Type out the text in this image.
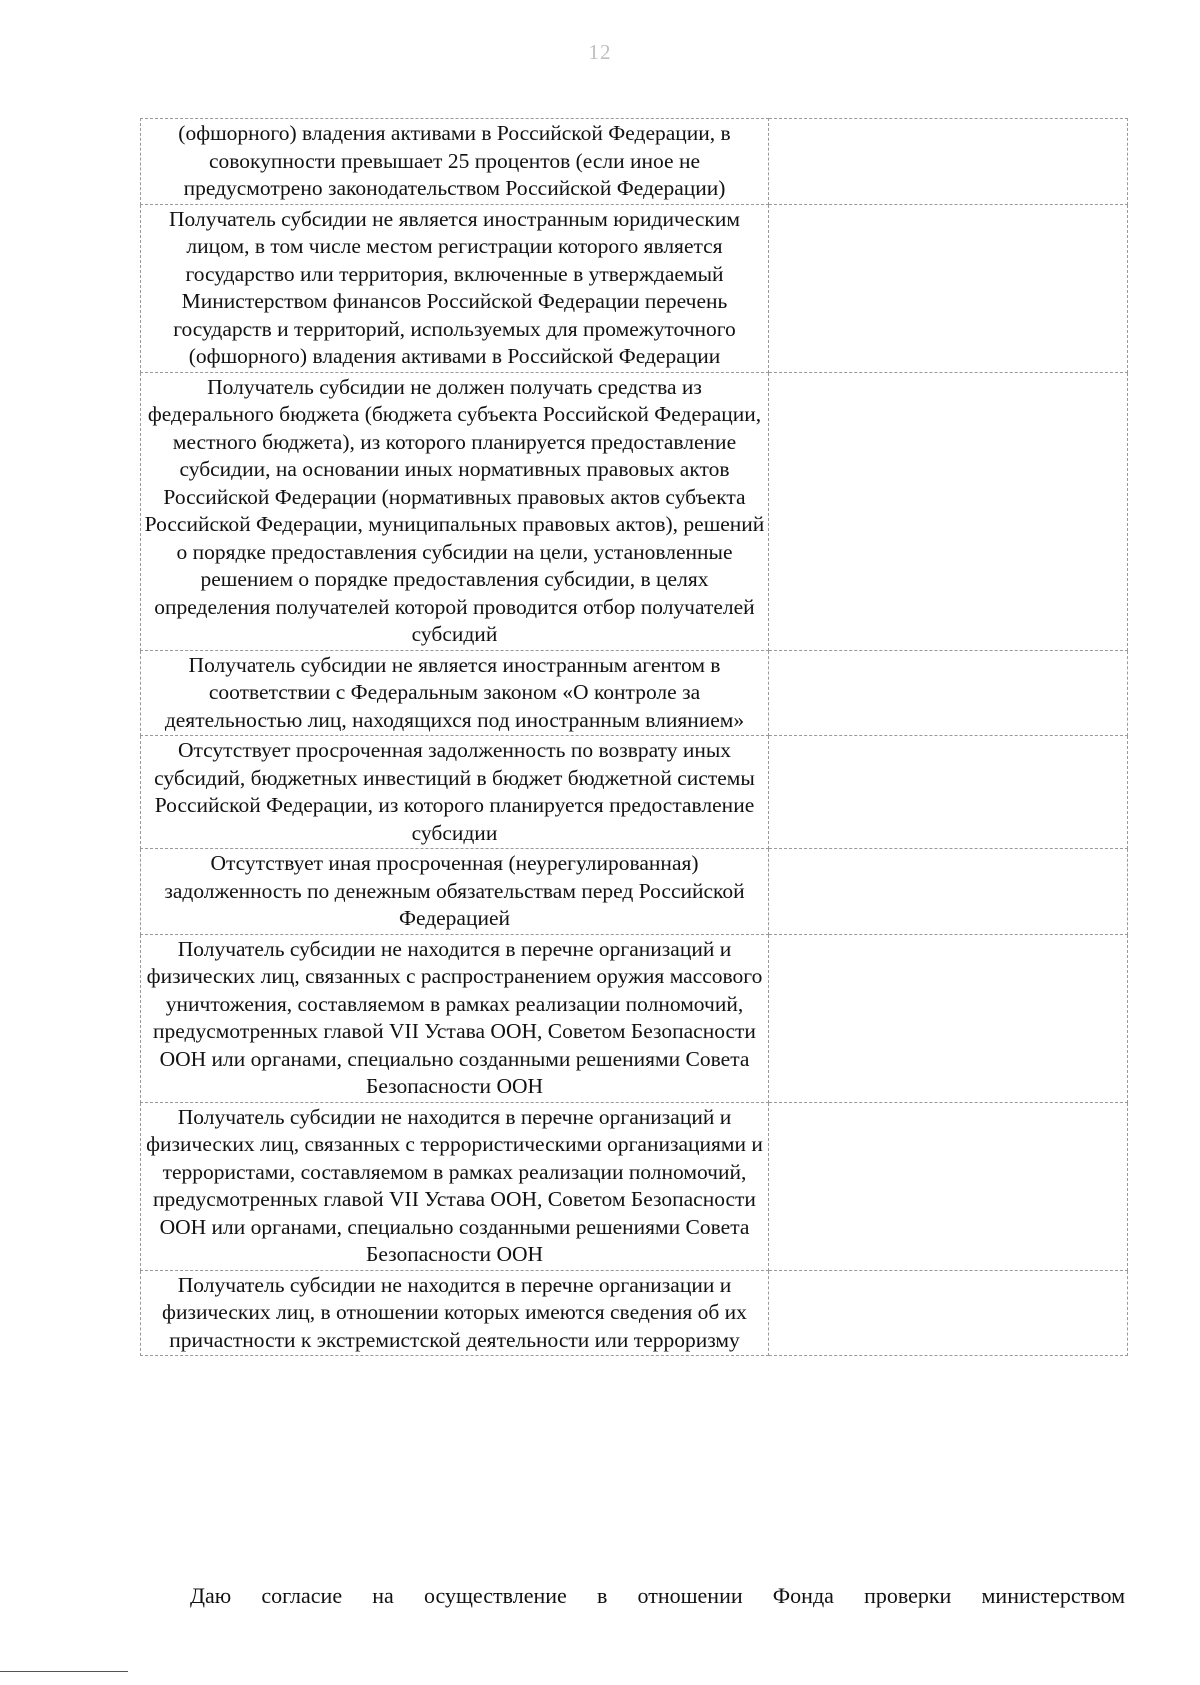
12
(офшорного) владения активами в Российской Федерации, в совокупности превышает 25 процентов (если иное не предусмотрено законодательством Российской Федерации)	
Получатель субсидии не является иностранным юридическим лицом, в том числе местом регистрации которого является государство или территория, включенные в утверждаемый Министерством финансов Российской Федерации перечень государств и территорий, используемых для промежуточного (офшорного) владения активами в Российской Федерации	
Получатель субсидии не должен получать средства из федерального бюджета (бюджета субъекта Российской Федерации, местного бюджета), из которого планируется предоставление субсидии, на основании иных нормативных правовых актов Российской Федерации (нормативных правовых актов субъекта Российской Федерации, муниципальных правовых актов), решений о порядке предоставления субсидии на цели, установленные решением о порядке предоставления субсидии, в целях определения получателей которой проводится отбор получателей субсидий	
Получатель субсидии не является иностранным агентом в соответствии с Федеральным законом «О контроле за деятельностью лиц, находящихся под иностранным влиянием»	
Отсутствует просроченная задолженность по возврату иных субсидий, бюджетных инвестиций в бюджет бюджетной системы Российской Федерации, из которого планируется предоставление субсидии	
Отсутствует иная просроченная (неурегулированная) задолженность по денежным обязательствам перед Российской Федерацией	
Получатель субсидии не находится в перечне организаций и физических лиц, связанных с распространением оружия массового уничтожения, составляемом в рамках реализации полномочий, предусмотренных главой VII Устава ООН, Советом Безопасности ООН или органами, специально созданными решениями Совета Безопасности ООН	
Получатель субсидии не находится в перечне организаций и физических лиц, связанных с террористическими организациями и террористами, составляемом в рамках реализации полномочий, предусмотренных главой VII Устава ООН, Советом Безопасности ООН или органами, специально созданными решениями Совета Безопасности ООН	
Получатель субсидии не находится в перечне организации и физических лиц, в отношении которых имеются сведения об их причастности к экстремистской деятельности или терроризму	
Даю согласие на осуществление в отношении Фонда проверки министерством
